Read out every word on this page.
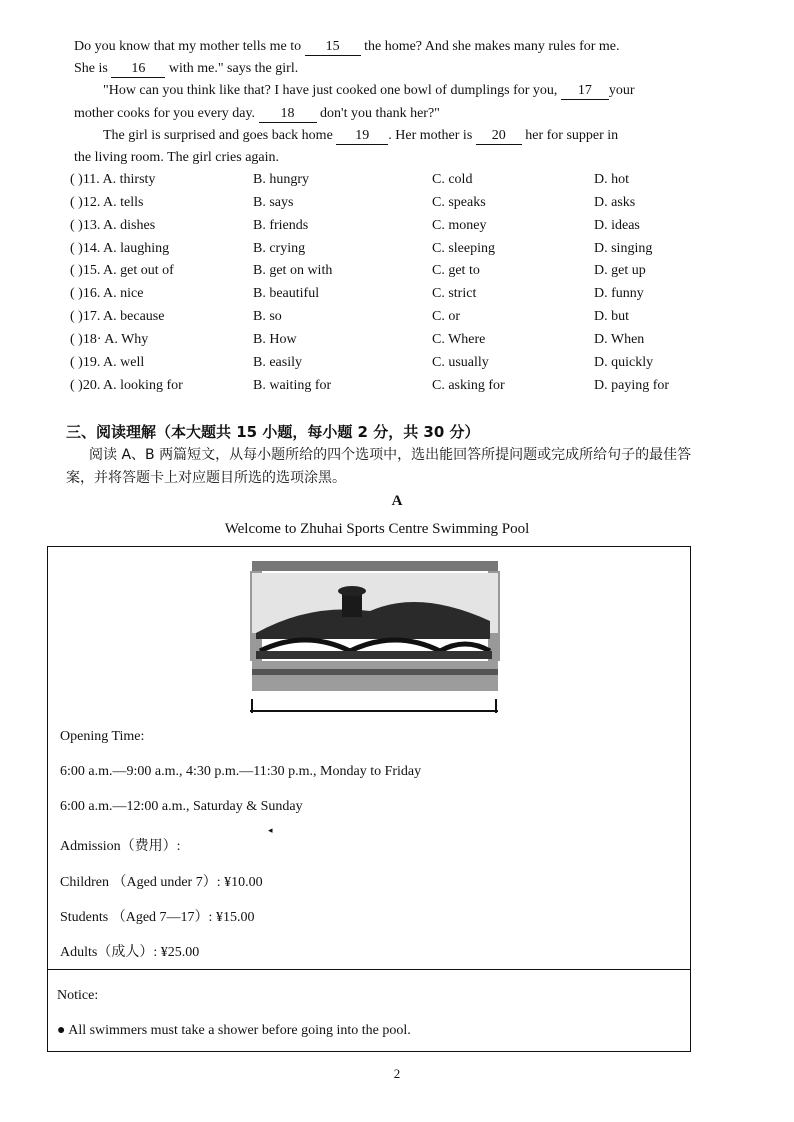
Do you know that my mother tells me to 15 the home? And she makes many rules for me.
She is 16 with me." says the girl.
"How can you think like that? I have just cooked one bowl of dumplings for you, 17 your
mother cooks for you every day. 18 don't you thank her?"
The girl is surprised and goes back home 19 . Her mother is 20 her for supper in
the living room. The girl cries again.
( )11. A. thirsty	B. hungry	C. cold	D. hot
( )12. A. tells	B. says	C. speaks	D. asks
( )13. A. dishes	B. friends	C. money	D. ideas
( )14. A. laughing	B. crying	C. sleeping	D. singing
( )15. A. get out of	B. get on with	C. get to	D. get up
( )16. A. nice	B. beautiful	C. strict	D. funny
( )17. A. because	B. so	C. or	D. but
( )18· A. Why	B. How	C. Where	D. When
( )19. A. well	B. easily	C. usually	D. quickly
( )20. A. looking for	B. waiting for	C. asking for	D. paying for
三、阅读理解（本大题共 15 小题，每小题 2 分，共 30 分）
阅读 A、B 两篇短文，从每小题所给的四个选项中，选出能回答所提问题或完成所给句子的最佳答案，并将答题卡上对应题目所选的选项涂黑。
A
Welcome to Zhuhai Sports Centre Swimming Pool
Opening Time:
6:00 a.m.—9:00 a.m., 4:30 p.m.—11:30 p.m., Monday to Friday
6:00 a.m.—12:00 a.m., Saturday & Sunday
Admission（费用）:
Children （Aged under 7）: ¥10.00
Students （Aged 7—17）: ¥15.00
Adults（成人）: ¥25.00
Notice:
● All swimmers must take a shower before going into the pool.
◂
2
